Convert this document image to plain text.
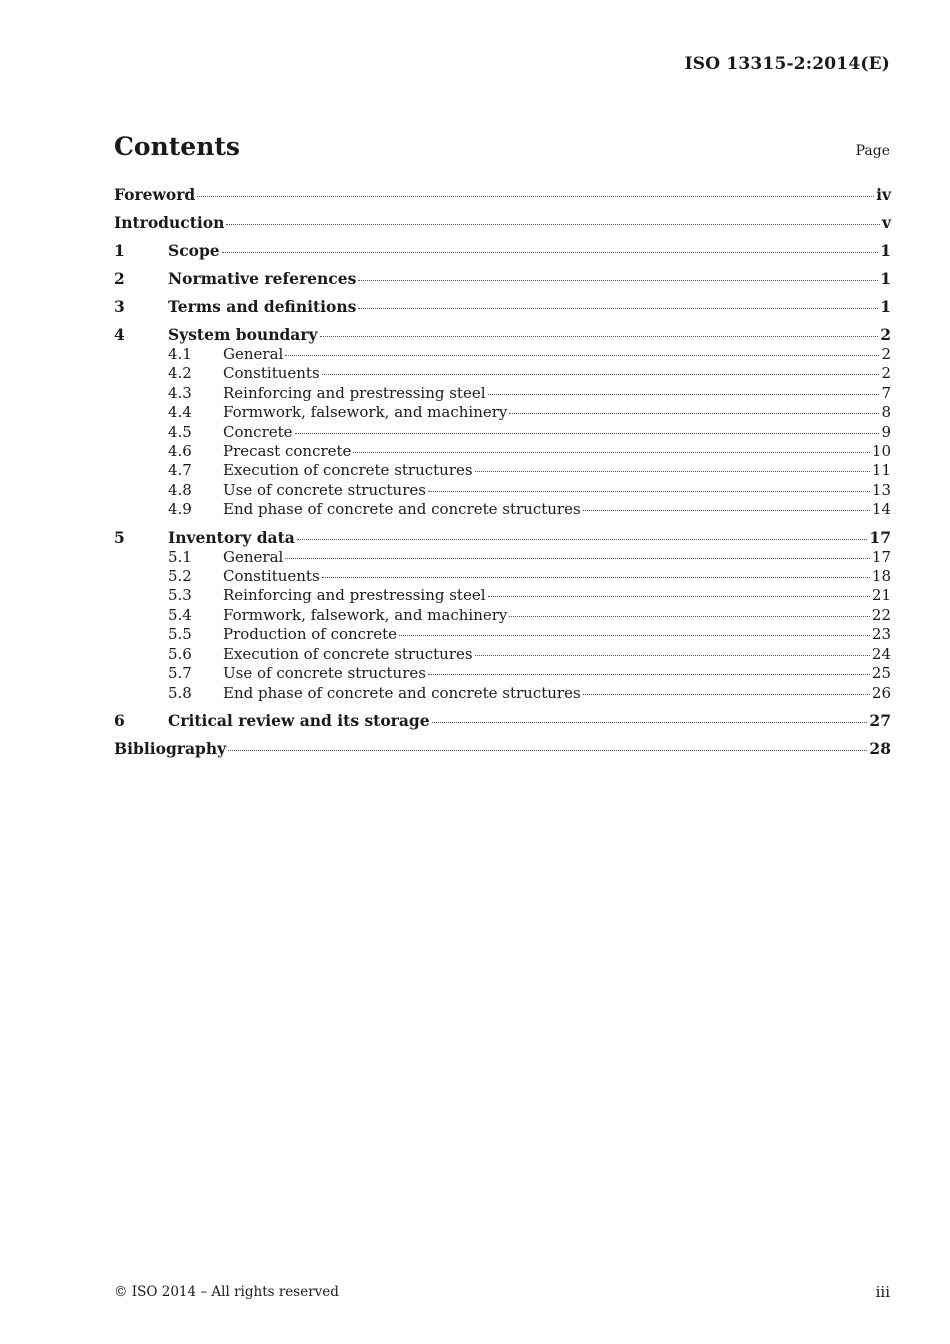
ISO 13315-2:2014(E)
Contents	Page
Foreword	iv
Introduction	v
1	Scope	1
2	Normative references	1
3	Terms and definitions	1
4	System boundary	2
4.1	General	2
4.2	Constituents	2
4.3	Reinforcing and prestressing steel	7
4.4	Formwork, falsework, and machinery	8
4.5	Concrete	9
4.6	Precast concrete	10
4.7	Execution of concrete structures	11
4.8	Use of concrete structures	13
4.9	End phase of concrete and concrete structures	14
5	Inventory data	17
5.1	General	17
5.2	Constituents	18
5.3	Reinforcing and prestressing steel	21
5.4	Formwork, falsework, and machinery	22
5.5	Production of concrete	23
5.6	Execution of concrete structures	24
5.7	Use of concrete structures	25
5.8	End phase of concrete and concrete structures	26
6	Critical review and its storage	27
Bibliography	28
© ISO 2014 – All rights reserved	iii
